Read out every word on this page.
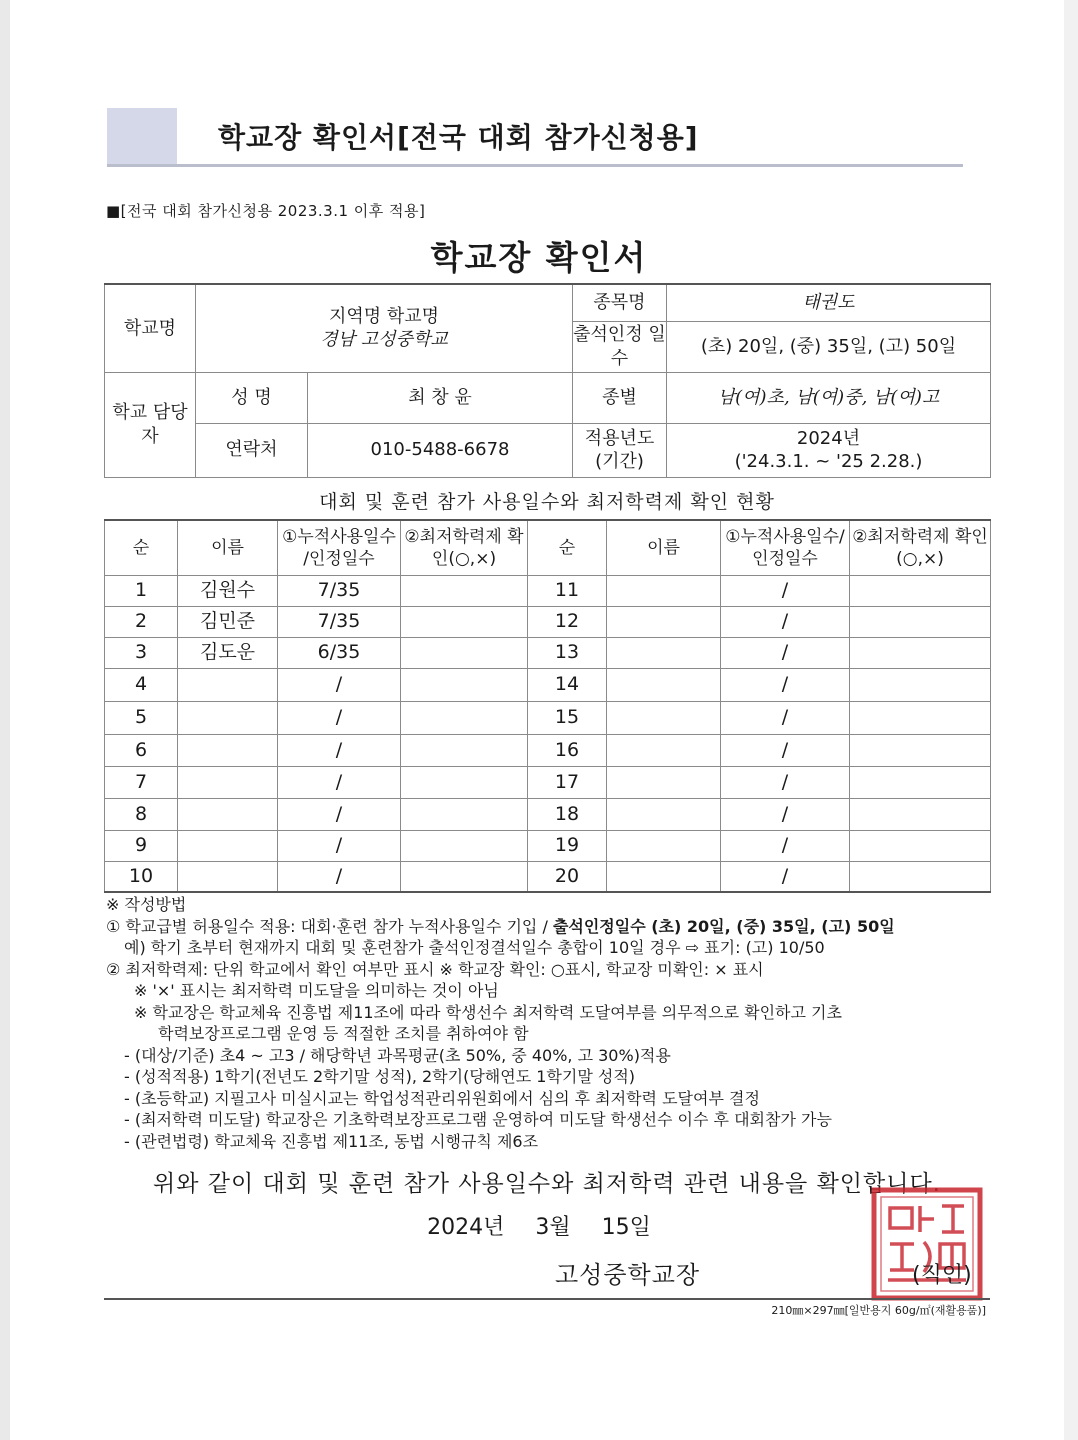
학교장 확인서[전국 대회 참가신청용]
■[전국 대회 참가신청용 2023.3.1 이후 적용]
학교장 확인서
학교명	지역명 학교명
경남 고성중학교		종목명	태권도
			출석인정 일수	(초) 20일, (중) 35일, (고) 50일
학교 담당자	성 명	최 창 윤	종별	남(여)초, 남(여)중, 남(여)고
	연락처	010-5488-6678	적용년도 (기간)	2024년
('24.3.1. ~ '25 2.28.)
대회 및 훈련 참가 사용일수와 최저학력제 확인 현황
순	이름	①누적사용일수 /인정일수	②최저학력제 확인(○,×)	순	이름	①누적사용일수/ 인정일수	②최저학력제 확인(○,×)
1	김원수	7/35		11		/	
2	김민준	7/35		12		/	
3	김도운	6/35		13		/	
4		/		14		/	
5		/		15		/	
6		/		16		/	
7		/		17		/	
8		/		18		/	
9		/		19		/	
10		/		20		/	
※ 작성방법
① 학교급별 허용일수 적용: 대회·훈련 참가 누적사용일수 기입 / 출석인정일수 (초) 20일, (중) 35일, (고) 50일
예) 학기 초부터 현재까지 대회 및 훈련참가 출석인정결석일수 총합이 10일 경우 ⇨ 표기: (고) 10/50
② 최저학력제: 단위 학교에서 확인 여부만 표시 ※ 학교장 확인: ○표시, 학교장 미확인: × 표시
※ '×' 표시는 최저학력 미도달을 의미하는 것이 아님
※ 학교장은 학교체육 진흥법 제11조에 따라 학생선수 최저학력 도달여부를 의무적으로 확인하고 기초
학력보장프로그램 운영 등 적절한 조치를 취하여야 함
- (대상/기준) 초4 ~ 고3 / 해당학년 과목평균(초 50%, 중 40%, 고 30%)적용
- (성적적용) 1학기(전년도 2학기말 성적), 2학기(당해연도 1학기말 성적)
- (초등학교) 지필고사 미실시교는 학업성적관리위원회에서 심의 후 최저학력 도달여부 결정
- (최저학력 미도달) 학교장은 기초학력보장프로그램 운영하여 미도달 학생선수 이수 후 대회참가 가능
- (관련법령) 학교체육 진흥법 제11조, 동법 시행규칙 제6조
위와 같이 대회 및 훈련 참가 사용일수와 최저학력 관련 내용을 확인합니다.
2024년 3월 15일
고성중학교장	(직인)
210㎜×297㎜[일반용지 60g/㎡(재활용품)]
